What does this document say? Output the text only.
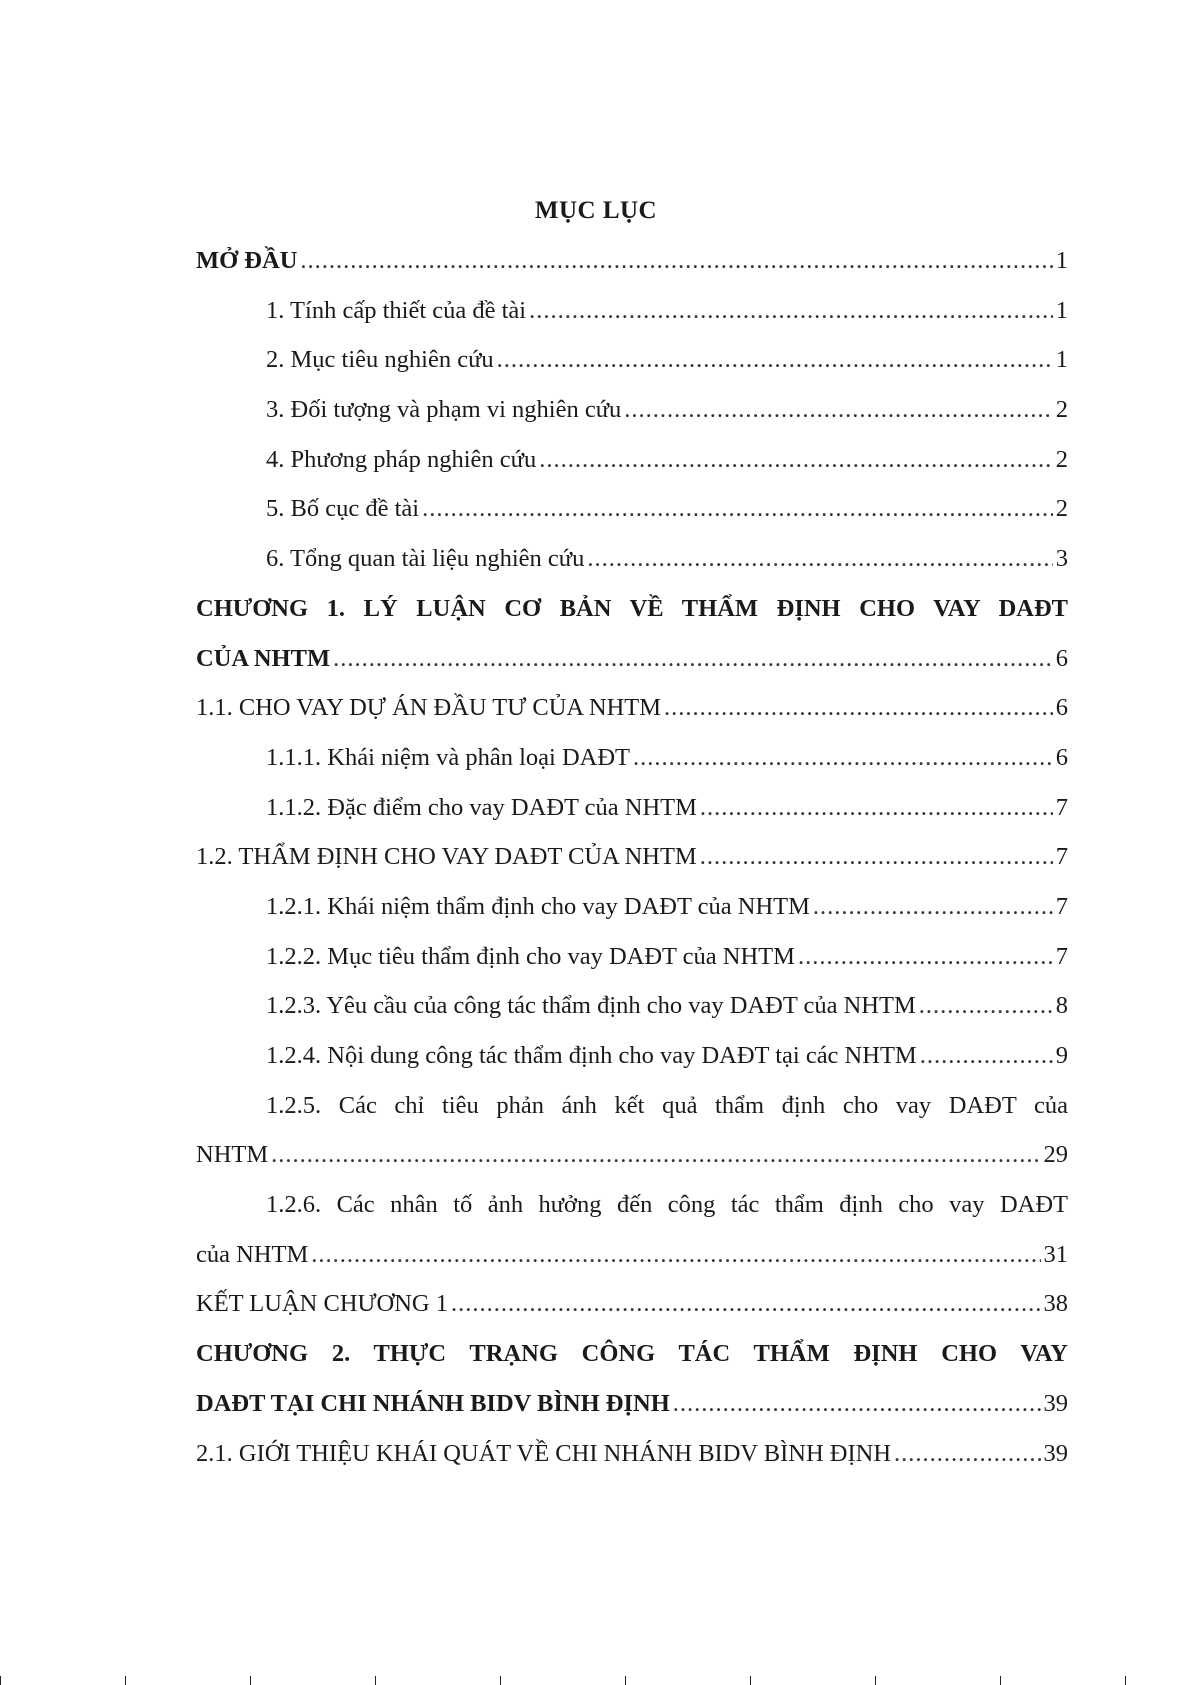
MỤC LỤC
MỞ ĐẦU .....	1
1. Tính cấp thiết của đề tài .....	1
2. Mục tiêu nghiên cứu .....	1
3. Đối tượng và phạm vi nghiên cứu .....	2
4. Phương pháp nghiên cứu .....	2
5. Bố cục đề tài .....	2
6. Tổng quan tài liệu nghiên cứu .....	3
CHƯƠNG 1. LÝ LUẬN CƠ BẢN VỀ THẨM ĐỊNH CHO VAY DAĐT
CỦA NHTM .....	6
1.1. CHO VAY DỰ ÁN ĐẦU TƯ CỦA NHTM .....	6
1.1.1. Khái niệm và phân loại DAĐT .....	6
1.1.2. Đặc điểm cho vay DAĐT của NHTM .....	7
1.2. THẨM ĐỊNH CHO VAY DAĐT CỦA NHTM .....	7
1.2.1. Khái niệm thẩm định cho vay DAĐT của NHTM .....	7
1.2.2. Mục tiêu thẩm định cho vay DAĐT của NHTM .....	7
1.2.3. Yêu cầu của công tác thẩm định cho vay DAĐT của NHTM .....	8
1.2.4. Nội dung công tác thẩm định cho vay DAĐT tại các NHTM .....	9
1.2.5. Các chỉ tiêu phản ánh kết quả thẩm định cho vay DAĐT của
NHTM .....	29
1.2.6. Các nhân tố ảnh hưởng đến công tác thẩm định cho vay DAĐT
của NHTM .....	31
KẾT LUẬN CHƯƠNG 1 .....	38
CHƯƠNG 2. THỰC TRẠNG CÔNG TÁC THẨM ĐỊNH CHO VAY
DAĐT TẠI CHI NHÁNH BIDV BÌNH ĐỊNH .....	39
2.1. GIỚI THIỆU KHÁI QUÁT VỀ CHI NHÁNH BIDV BÌNH ĐỊNH .....	39
